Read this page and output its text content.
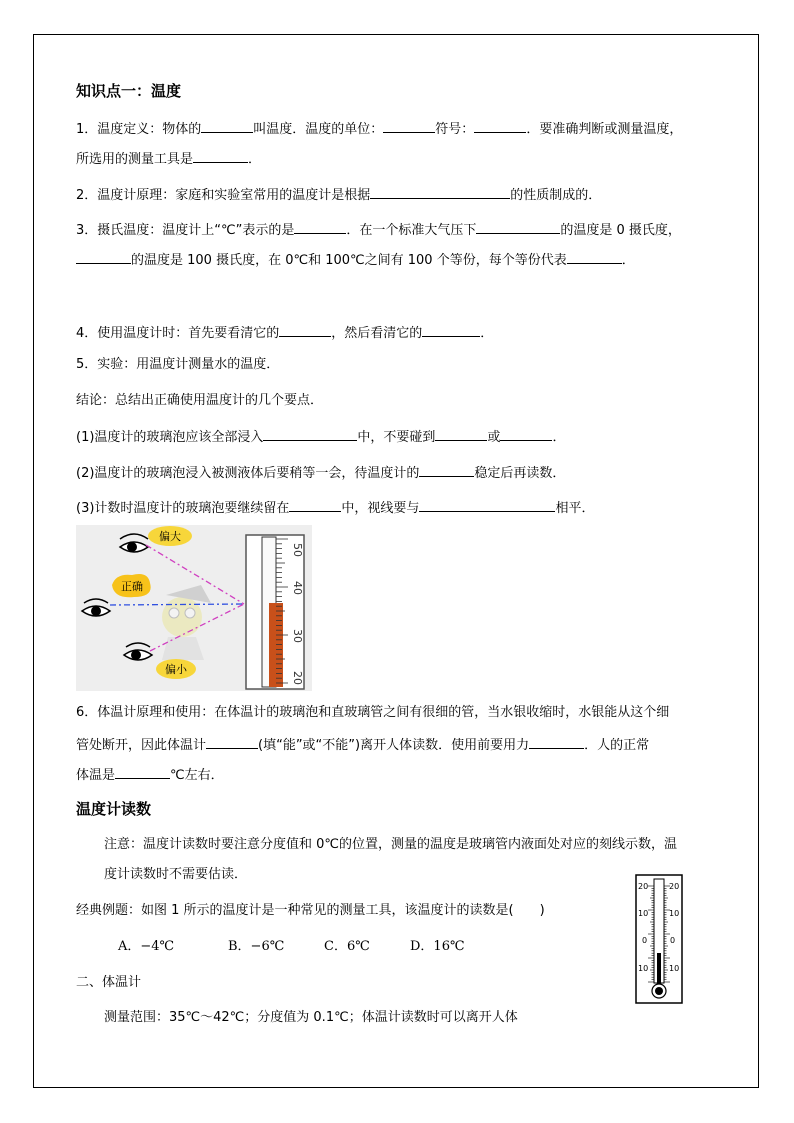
知识点一：温度
1．温度定义：物体的	叫温度．温度的单位：	符号：	．要准确判断或测量温度，
所选用的测量工具是	．
2．温度计原理：家庭和实验室常用的温度计是根据	的性质制成的．
3．摄氏温度：温度计上“℃”表示的是	．在一个标准大气压下	的温度是 0 摄氏度，
的温度是 100 摄氏度，在 0℃和 100℃之间有 100 个等份，每个等份代表	．
4．使用温度计时：首先要看清它的	，然后看清它的	．
5．实验：用温度计测量水的温度．
结论：总结出正确使用温度计的几个要点．
(1)温度计的玻璃泡应该全部浸入	中，不要碰到	或	．
(2)温度计的玻璃泡浸入被测液体后要稍等一会，待温度计的	稳定后再读数．
(3)计数时温度计的玻璃泡要继续留在	中，视线要与	相平．
偏大
正确
偏小
50
40
30
20
6．体温计原理和使用：在体温计的玻璃泡和直玻璃管之间有很细的管，当水银收缩时，水银能从这个细
管处断开，因此体温计	(填“能”或“不能”)离开人体读数．使用前要用力	．人的正常
体温是	℃左右．
温度计读数
注意：温度计读数时要注意分度值和 0℃的位置，测量的温度是玻璃管内液面处对应的刻线示数，温
度计读数时不需要估读．
经典例题：如图 1 所示的温度计是一种常见的测量工具，该温度计的读数是(　　)
A．−4℃	B．−6℃	C．6℃	D．16℃
二、体温计
测量范围：35℃～42℃；分度值为 0.1℃；体温计读数时可以离开人体
20	20
10	10
0	0
10	10
